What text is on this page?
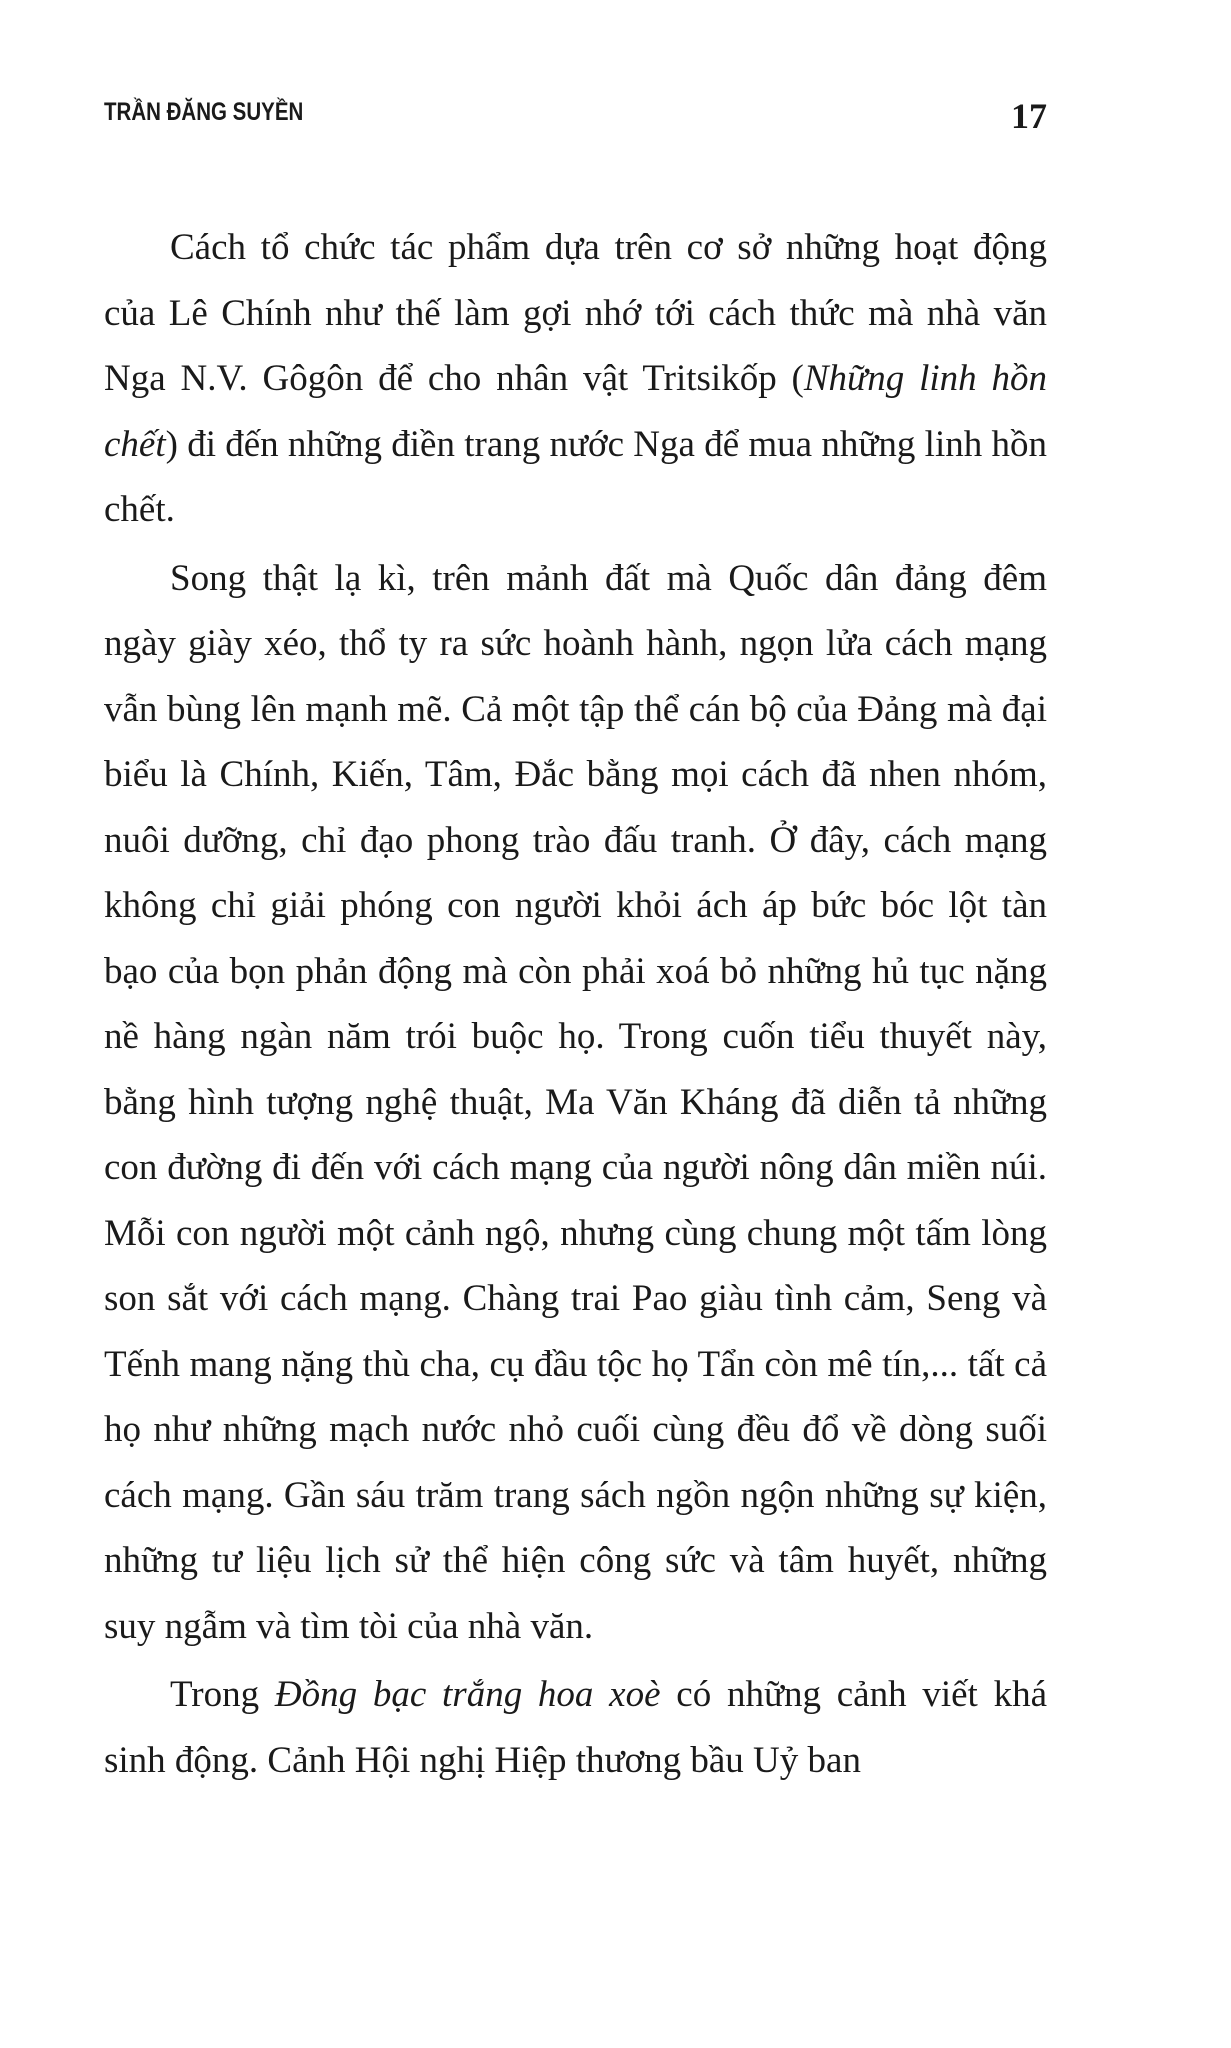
TRẦN ĐĂNG SUYỀN	17

Cách tổ chức tác phẩm dựa trên cơ sở những hoạt động của Lê Chính như thế làm gợi nhớ tới cách thức mà nhà văn Nga N.V. Gôgôn để cho nhân vật Tritsikốp (Những linh hồn chết) đi đến những điền trang nước Nga để mua những linh hồn chết.

Song thật lạ kì, trên mảnh đất mà Quốc dân đảng đêm ngày giày xéo, thổ ty ra sức hoành hành, ngọn lửa cách mạng vẫn bùng lên mạnh mẽ. Cả một tập thể cán bộ của Đảng mà đại biểu là Chính, Kiến, Tâm, Đắc bằng mọi cách đã nhen nhóm, nuôi dưỡng, chỉ đạo phong trào đấu tranh. Ở đây, cách mạng không chỉ giải phóng con người khỏi ách áp bức bóc lột tàn bạo của bọn phản động mà còn phải xoá bỏ những hủ tục nặng nề hàng ngàn năm trói buộc họ. Trong cuốn tiểu thuyết này, bằng hình tượng nghệ thuật, Ma Văn Kháng đã diễn tả những con đường đi đến với cách mạng của người nông dân miền núi. Mỗi con người một cảnh ngộ, nhưng cùng chung một tấm lòng son sắt với cách mạng. Chàng trai Pao giàu tình cảm, Seng và Tếnh mang nặng thù cha, cụ đầu tộc họ Tẩn còn mê tín,... tất cả họ như những mạch nước nhỏ cuối cùng đều đổ về dòng suối cách mạng. Gần sáu trăm trang sách ngồn ngộn những sự kiện, những tư liệu lịch sử thể hiện công sức và tâm huyết, những suy ngẫm và tìm tòi của nhà văn.

Trong Đồng bạc trắng hoa xoè có những cảnh viết khá sinh động. Cảnh Hội nghị Hiệp thương bầu Uỷ ban
